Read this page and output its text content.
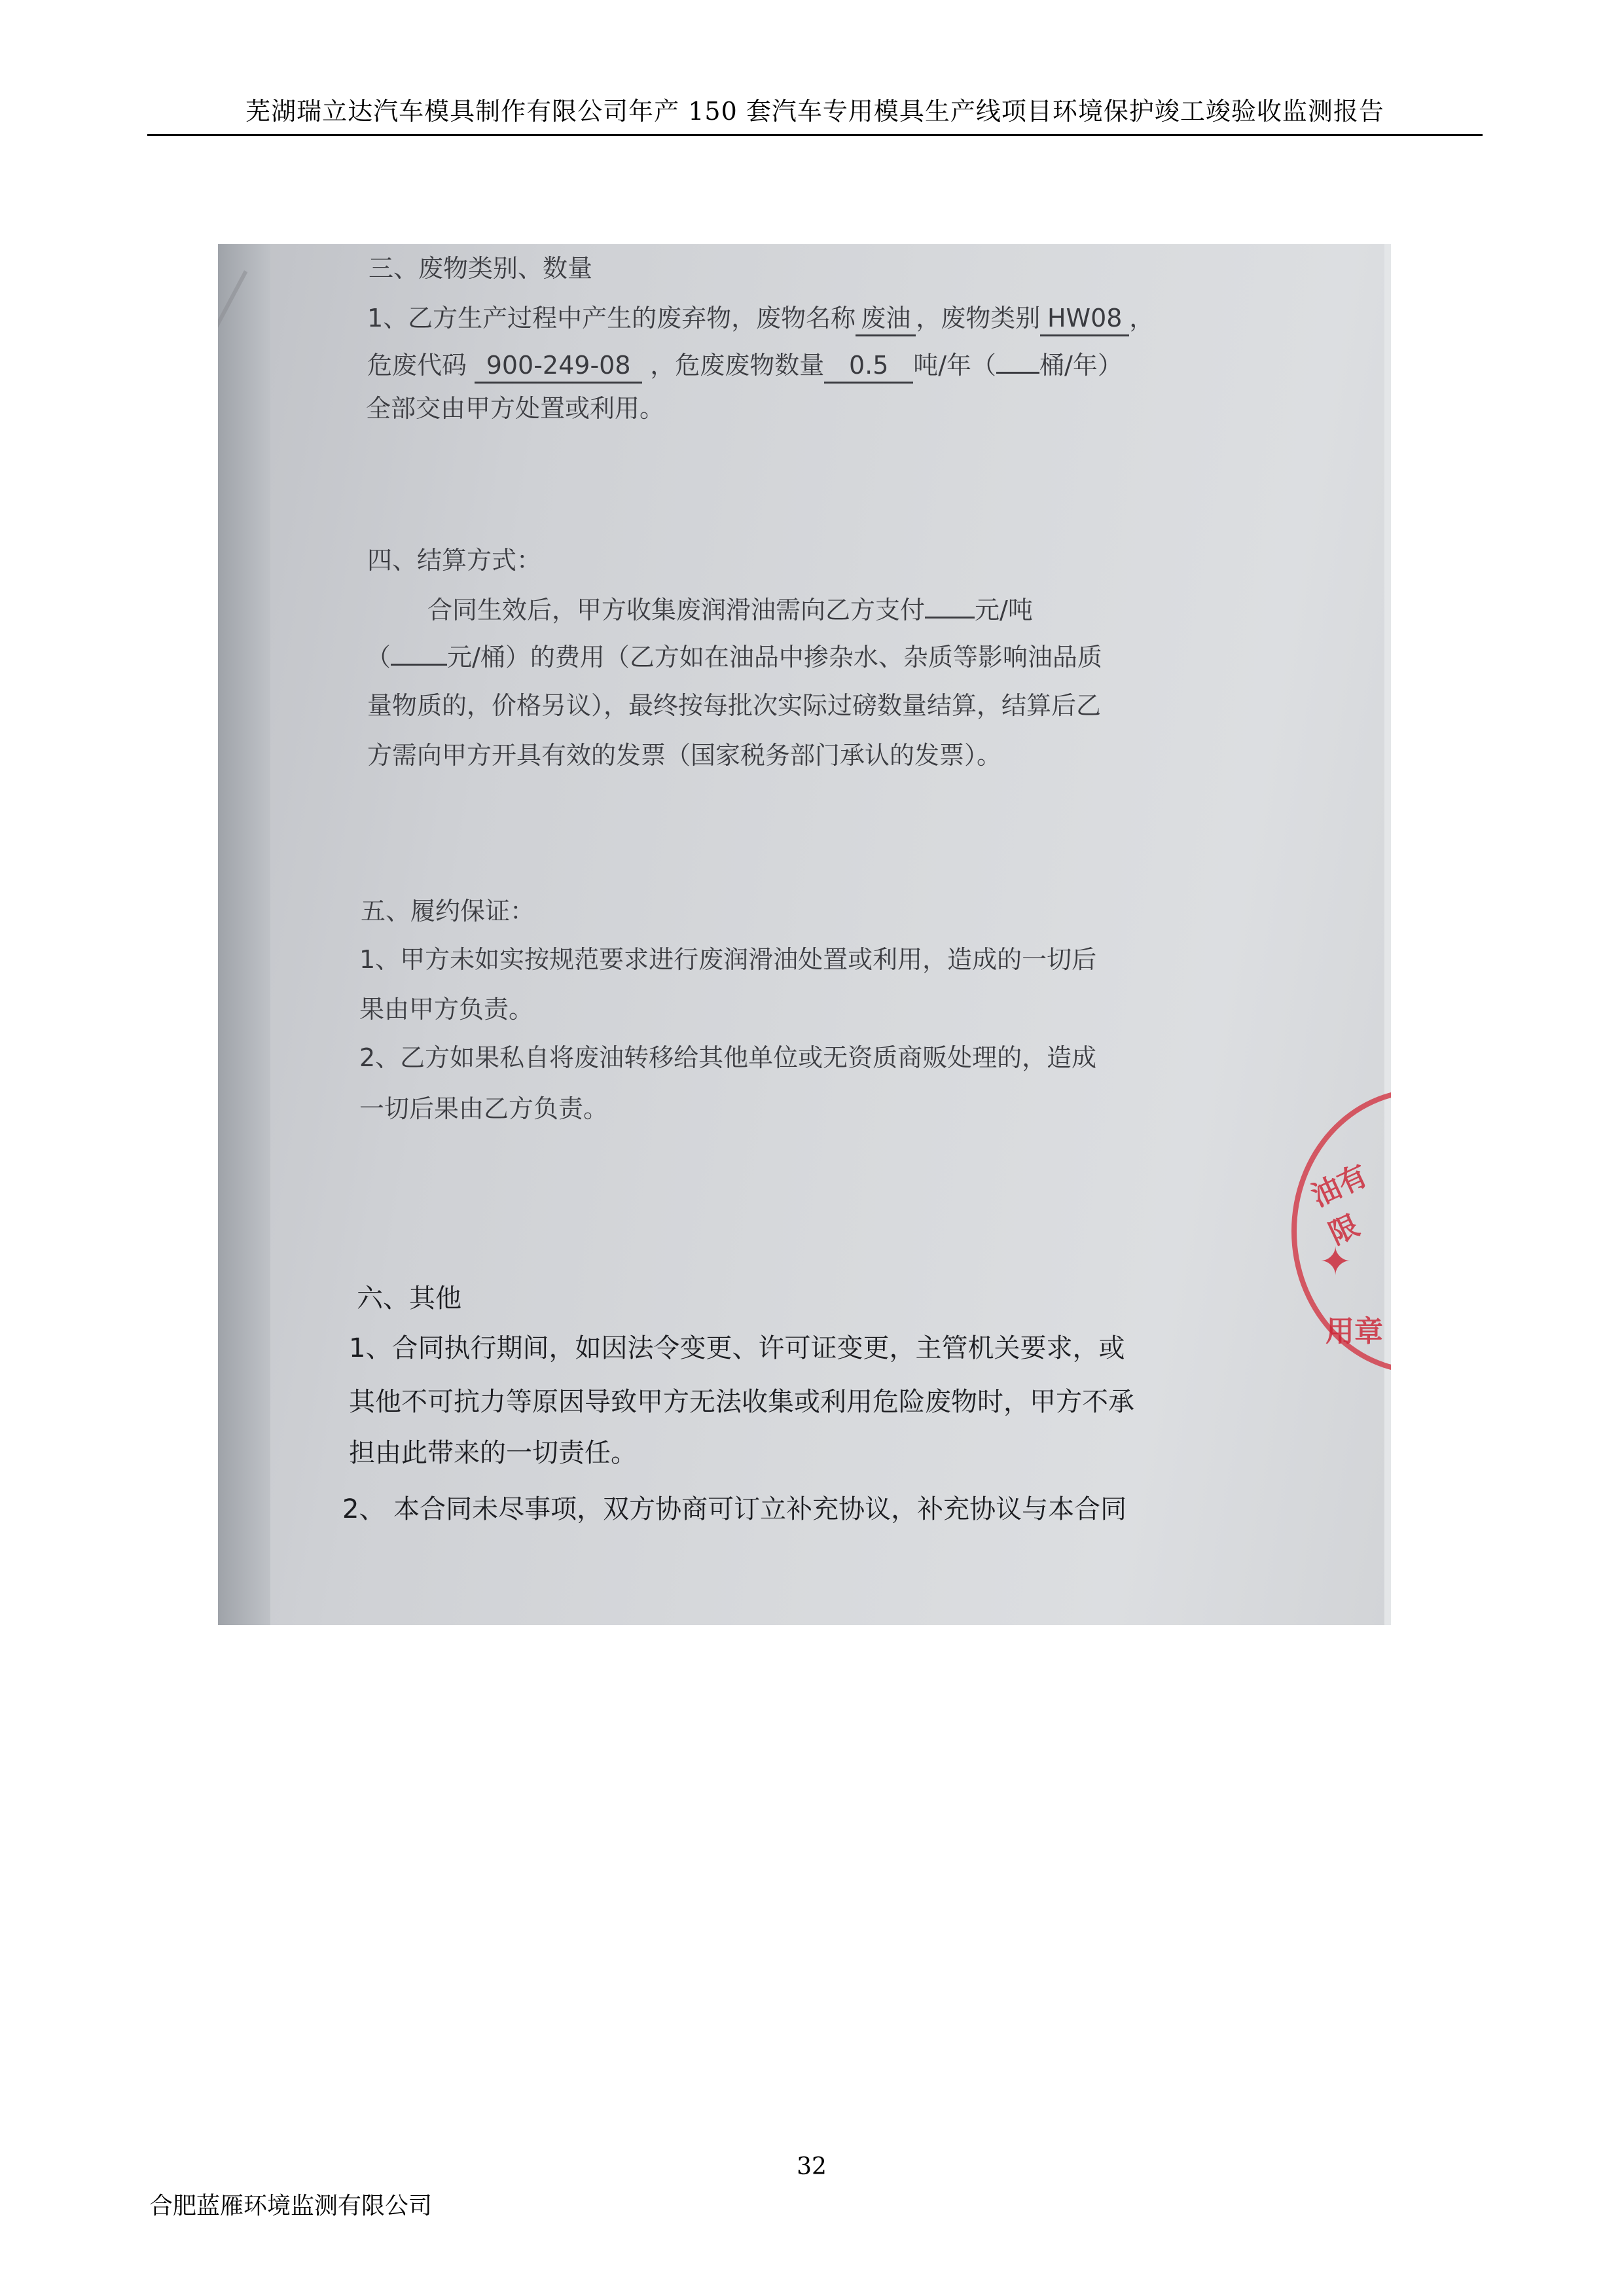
芜湖瑞立达汽车模具制作有限公司年产 150 套汽车专用模具生产线项目环境保护竣工竣验收监测报告
三、废物类别、数量
1、乙方生产过程中产生的废弃物，废物名称 废油 ，废物类别 HW08 ，
危废代码 900-249-08 ，危废废物数量 0.5 吨/年（ 桶/年）
全部交由甲方处置或利用。
四、结算方式：
合同生效后，甲方收集废润滑油需向乙方支付 元/吨
（ 元/桶）的费用（乙方如在油品中掺杂水、杂质等影响油品质
量物质的，价格另议），最终按每批次实际过磅数量结算，结算后乙
方需向甲方开具有效的发票（国家税务部门承认的发票）。
五、履约保证：
1、甲方未如实按规范要求进行废润滑油处置或利用，造成的一切后
果由甲方负责。
2、乙方如果私自将废油转移给其他单位或无资质商贩处理的，造成
一切后果由乙方负责。
六、其他
1、合同执行期间，如因法令变更、许可证变更，主管机关要求，或
其他不可抗力等原因导致甲方无法收集或利用危险废物时，甲方不承
担由此带来的一切责任。
2、 本合同未尽事项，双方协商可订立补充协议，补充协议与本合同
油有限
✦
用章
32
合肥蓝雁环境监测有限公司
